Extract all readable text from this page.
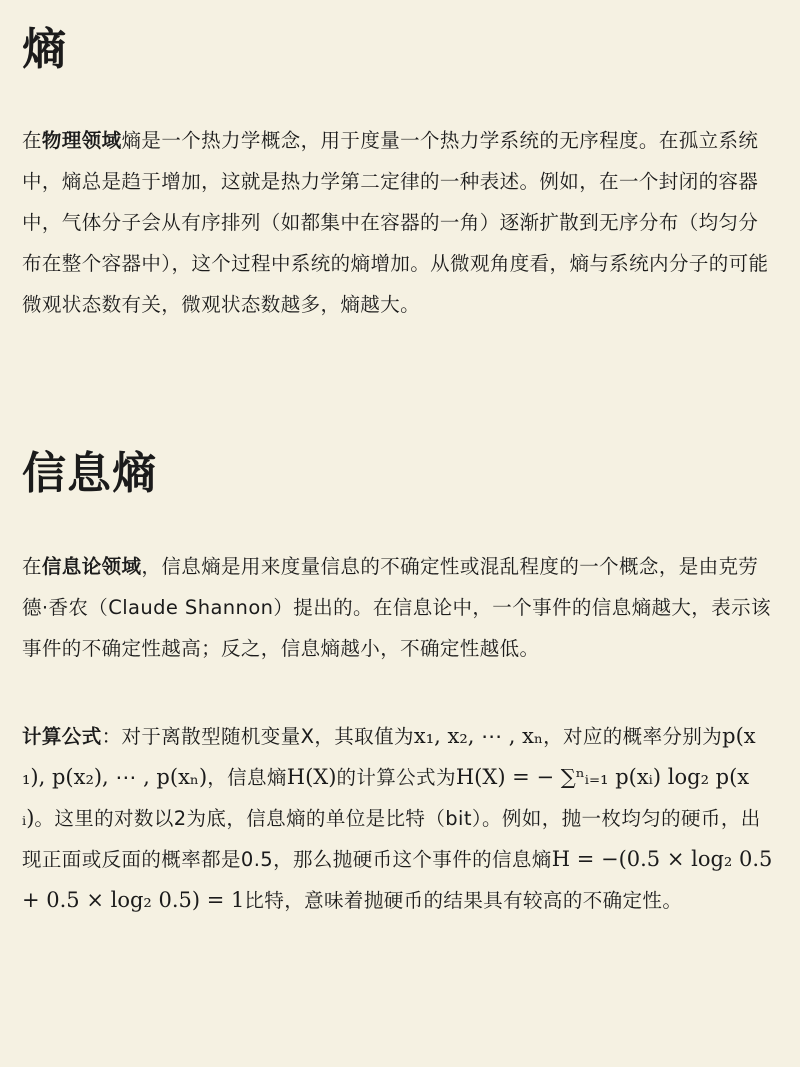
熵

在物理领域熵是一个热力学概念，用于度量一个热力学系统的无序程度。在孤立系统中，熵总是趋于增加，这就是热力学第二定律的一种表述。例如，在一个封闭的容器中，气体分子会从有序排列（如都集中在容器的一角）逐渐扩散到无序分布（均匀分布在整个容器中），这个过程中系统的熵增加。从微观角度看，熵与系统内分子的可能微观状态数有关，微观状态数越多，熵越大。

信息熵

在信息论领域，信息熵是用来度量信息的不确定性或混乱程度的一个概念，是由克劳德·香农（Claude Shannon）提出的。在信息论中，一个事件的信息熵越大，表示该事件的不确定性越高；反之，信息熵越小，不确定性越低。

计算公式：对于离散型随机变量X，其取值为x₁, x₂, ⋯ , xₙ，对应的概率分别为p(x₁), p(x₂), ⋯ , p(xₙ)，信息熵H(X)的计算公式为H(X) = − ∑ⁿᵢ₌₁ p(xᵢ) log₂ p(xᵢ)。这里的对数以2为底，信息熵的单位是比特（bit）。例如，抛一枚均匀的硬币，出现正面或反面的概率都是0.5，那么抛硬币这个事件的信息熵H = −(0.5 × log₂ 0.5 + 0.5 × log₂ 0.5) = 1比特，意味着抛硬币的结果具有较高的不确定性。
